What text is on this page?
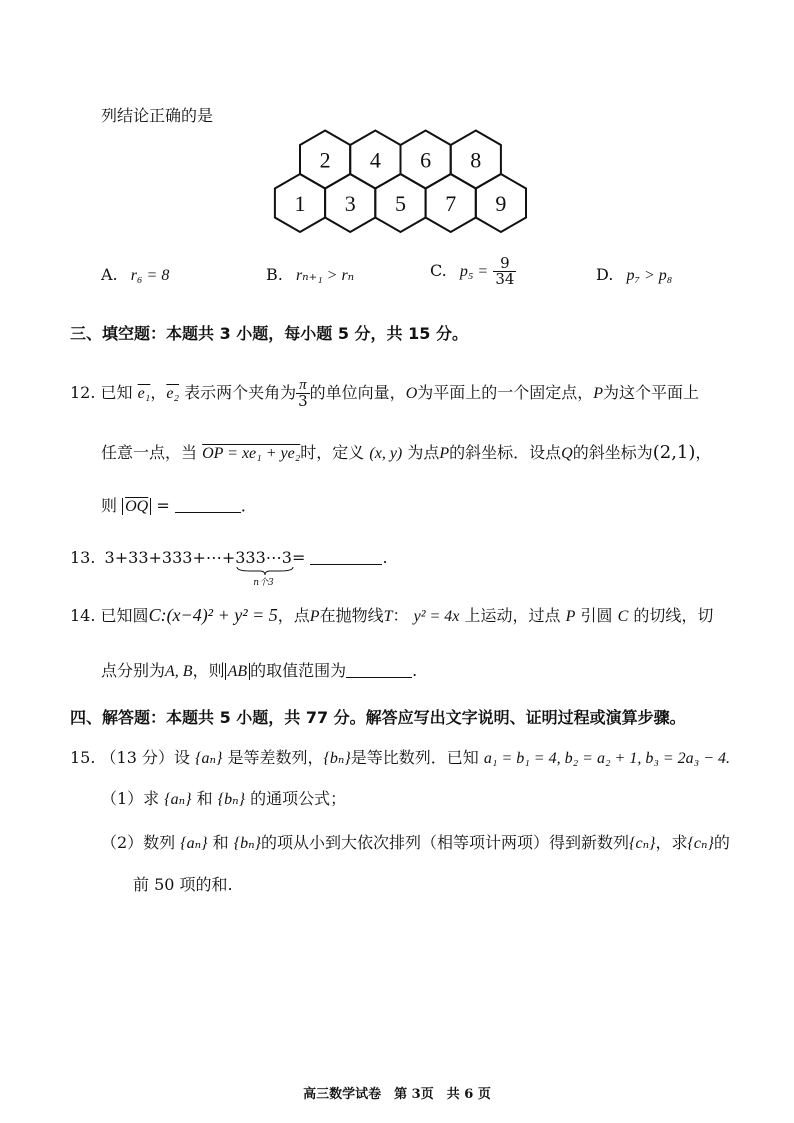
列结论正确的是
1 3 5 7 9
2 4 6 8
A. r₆ = 8	B. rₙ₊₁ > rₙ	C. $p_5 = \frac{9}{34}$	D. p₇ > p₈
三、填空题：本题共 3 小题，每小题 5 分，共 15 分。
12. 已知 e₁，e₂ 表示两个夹角为 $\frac{\pi}{3}$ 的单位向量，O为平面上的一个固定点，P为这个平面上
任意一点，当 OP = xe₁ + ye₂时，定义 (x, y) 为点P的斜坐标．设点Q的斜坐标为(2,1)，
则 $\overline{OQ}$ =	．
13. 3+33+333+⋯+333⋯3
n个3
=	.
14. 已知圆C:(x−4)² + y² = 5，点P在抛物线T： y² = 4x 上运动，过点 P 引圆 C 的切线，切
点分别为A, B，则 AB 的取值范围为	.
四、解答题：本题共 5 小题，共 77 分。解答应写出文字说明、证明过程或演算步骤。
15. （13 分）设 {aₙ} 是等差数列，{bₙ}是等比数列．已知 a₁ = b₁ = 4, b₂ = a₂ + 1, b₃ = 2a₃ − 4.
（1）求 {aₙ} 和 {bₙ} 的通项公式；
（2）数列 {aₙ} 和 {bₙ}的项从小到大依次排列（相等项计两项）得到新数列{cₙ}，求{cₙ}的
前 50 项的和.
高三数学试卷　第 3页　共 6 页
